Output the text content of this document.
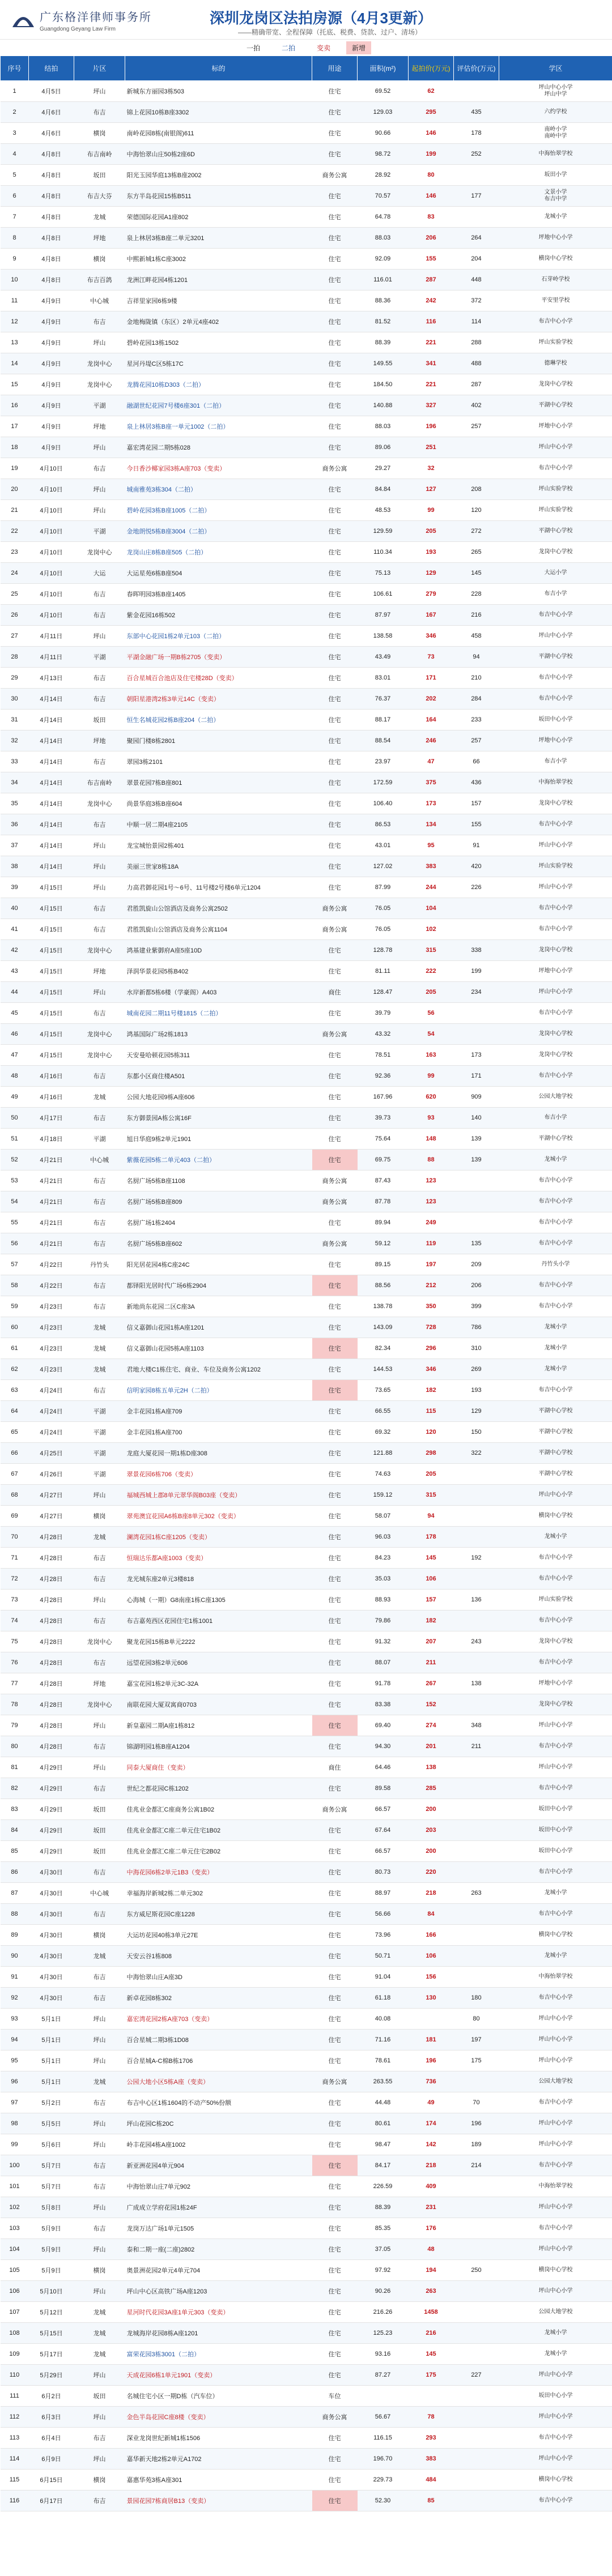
广东格洋律师事务所
Guangdong Geyang Law Firm
深圳龙岗区法拍房源（4月3更新）
——精确带宽、全程保障（托底、税费、贷款、过户、清场）
一拍	二拍	变卖	新增
序号	结拍	片区	标的	用途	面积(m²)	起拍价(万元)	评估价(万元)	学区
1	4月5日	坪山	新城东方丽园3栋503	住宅	69.52	62		坪山中心小学
坪山中学
2	4月6日	布吉	锦上花园10栋B座3302	住宅	129.03	295	435	六约学校
3	4月6日	横岗	南岭花园8栋(南银阁)611	住宅	90.66	146	178	南岭小学
南岭中学
4	4月8日	布吉南岭	中海怡翠山庄50栋2座6D	住宅	98.72	199	252	中海怡翠学校
5	4月8日	坂田	阳光玉园华庭13栋B座2002	商务公寓	28.92	80		坂田小学
6	4月8日	布吉大芬	东方半岛花园15栋B511	住宅	70.57	146	177	文景小学
布吉中学
7	4月8日	龙城	荣德国际花园A1座802	住宅	64.78	83		龙城小学
8	4月8日	坪地	泉上林居3栋B座二单元3201	住宅	88.03	206	264	坪地中心小学
9	4月8日	横岗	中熙新城1栋C座3002	住宅	92.09	155	204	横岗中心学校
10	4月8日	布吉百鸽	龙洲江畔花园4栋1201	住宅	116.01	287	448	石芽岭学校
11	4月9日	中心城	吉祥里家园6栋9楼	住宅	88.36	242	372	平安里学校
12	4月9日	布吉	金地梅陇镇（东区）2单元4座402	住宅	81.52	116	114	布吉中心小学
13	4月9日	坪山	碧岭花园13栋1502	住宅	88.39	221	288	坪山实验学校
14	4月9日	龙岗中心	星河丹堤C区5栋17C	住宅	149.55	341	488	德琳学校
15	4月9日	龙岗中心	龙腾花园10栋D303（二拍）	住宅	184.50	221	287	龙岗中心学校
16	4月9日	平湖	融湖世纪花园7号楼6座301（二拍）	住宅	140.88	327	402	平湖中心学校
17	4月9日	坪地	泉上林居3栋B座一单元1002（二拍）	住宅	88.03	196	257	坪地中心小学
18	4月9日	坪山	嘉宏湾花园二期5栋028	住宅	89.06	251		坪山中心小学
19	4月10日	布吉	今日香沙椰家园3栋A座703（变卖）	商务公寓	29.27	32		布吉中心小学
20	4月10日	坪山	城南雅苑3栋304（二拍）	住宅	84.84	127	208	坪山实验学校
21	4月10日	坪山	碧岭花园3栋B座1005（二拍）	住宅	48.53	99	120	坪山实验学校
22	4月10日	平湖	金地朗悦5栋B座3004（二拍）	住宅	129.59	205	272	平湖中心学校
23	4月10日	龙岗中心	龙岗山庄8栋B座505（二拍）	住宅	110.34	193	265	龙岗中心学校
24	4月10日	大运	大运星苑6栋B座504	住宅	75.13	129	145	大运小学
25	4月10日	布吉	春晖明园3栋B座1405	住宅	106.61	279	228	布吉小学
26	4月10日	布吉	紫金花园16栋502	住宅	87.97	167	216	布吉中心小学
27	4月11日	坪山	东部中心花园1栋2单元103（二拍）	住宅	138.58	346	458	坪山中心小学
28	4月11日	平湖	平湖金融广场一期B栋2705（变卖）	住宅	43.49	73	94	平湖中心学校
29	4月13日	布吉	百合星城百合池店及住宅楼28D（变卖）	住宅	83.01	171	210	布吉中心小学
30	4月14日	布吉	朝阳星港湾2栋3单元14C（变卖）	住宅	76.37	202	284	布吉中心小学
31	4月14日	坂田	恒生名城花园2栋B座204（二拍）	住宅	88.17	164	233	坂田中心小学
32	4月14日	坪地	聚园门楼8栋2801	住宅	88.54	246	257	坪地中心小学
33	4月14日	布吉	翠园3栋2101	住宅	23.97	47	66	布吉小学
34	4月14日	布吉南岭	翠景花园7栋B座801	住宅	172.59	375	436	中海怡翠学校
35	4月14日	龙岗中心	尚景华庭3栋B座604	住宅	106.40	173	157	龙岗中心学校
36	4月14日	布吉	中顺一居二期4座2105	住宅	86.53	134	155	布吉中心小学
37	4月14日	坪山	龙宝城怡景园2栋401	住宅	43.01	95	91	坪山中心小学
38	4月14日	坪山	美丽三世家8栋18A	住宅	127.02	383	420	坪山实验学校
39	4月15日	坪山	力高君御花园1号～6号、11号楼2号楼6单元1204	住宅	87.99	244	226	坪山中心小学
40	4月15日	布吉	君胜凯旋山公馆酒店及商务公寓2502	商务公寓	76.05	104		布吉中心小学
41	4月15日	布吉	君胜凯旋山公馆酒店及商务公寓1104	商务公寓	76.05	102		布吉中心小学
42	4月15日	龙岗中心	鸿基建业紫御府A座5座10D	住宅	128.78	315	338	龙岗中心学校
43	4月15日	坪地	泽润华景花园5栋B402	住宅	81.11	222	199	坪地中心小学
44	4月15日	坪山	水岸新都5栋6楼（学豪阁）A403	商住	128.47	205	234	坪山中心小学
45	4月15日	布吉	城南花园二期11号楼1815（二拍）	住宅	39.79	56		布吉中心小学
46	4月15日	龙岗中心	鸿基国际广场2栋1813	商务公寓	43.32	54		龙岗中心学校
47	4月15日	龙岗中心	天安曼哈顿花园5栋311	住宅	78.51	163	173	龙岗中心学校
48	4月16日	布吉	东都小区商住楼A501	住宅	92.36	99	171	布吉中心小学
49	4月16日	龙城	公园大地花园9栋A座606	住宅	167.96	620	909	公园大地学校
50	4月17日	布吉	东方御景园A栋公寓16F	住宅	39.73	93	140	布吉小学
51	4月18日	平湖	旭日华庭9栋2单元1901	住宅	75.64	148	139	平湖中心学校
52	4月21日	中心城	紫薇花园5栋二单元403（二拍）	住宅	69.75	88	139	龙城小学
53	4月21日	布吉	名厨广场5栋B座1108	商务公寓	87.43	123		布吉中心小学
54	4月21日	布吉	名厨广场5栋B座809	商务公寓	87.78	123		布吉中心小学
55	4月21日	布吉	名厨广场1栋2404	住宅	89.94	249		布吉中心小学
56	4月21日	布吉	名厨广场5栋B座602	商务公寓	59.12	119	135	布吉中心小学
57	4月22日	丹竹头	阳光居花园4栋C座24C	住宅	89.15	197	209	丹竹头小学
58	4月22日	布吉	都铎阳光居时代广场6栋2904	住宅	88.56	212	206	布吉中心小学
59	4月23日	布吉	新地尚东花园二区C座3A	住宅	138.78	350	399	布吉中心小学
60	4月23日	龙城	信义嘉御山花园1栋A座1201	住宅	143.09	728	786	龙城小学
61	4月23日	龙城	信义嘉御山花园5栋A座1103	住宅	82.34	296	310	龙城小学
62	4月23日	龙城	君地大楼C1栋住宅、商业、车位及商务公寓1202	住宅	144.53	346	269	龙城小学
63	4月24日	布吉	信明家园8栋五单元2H（二拍）	住宅	73.65	182	193	布吉中心小学
64	4月24日	平湖	金丰花园1栋A座709	住宅	66.55	115	129	平湖中心学校
65	4月24日	平湖	金丰花园1栋A座700	住宅	69.32	120	150	平湖中心学校
66	4月25日	平湖	龙庭大厦花园一期1栋D座308	住宅	121.88	298	322	平湖中心学校
67	4月26日	平湖	翠景花园6栋706（变卖）	住宅	74.63	205		平湖中心学校
68	4月27日	坪山	福城西城上郡8单元翠华阁B03座（变卖）	住宅	159.12	315		坪山中心小学
69	4月27日	横岗	翠苑澳宜花园A6栋B座8单元302（变卖）	住宅	58.07	94		横岗中心学校
70	4月28日	龙城	澜湾花园1栋C座1205（变卖）	住宅	96.03	178		龙城小学
71	4月28日	布吉	恒瑞达乐都A座1003（变卖）	住宅	84.23	145	192	布吉中心小学
72	4月28日	布吉	龙光城东座2单元3楼818	住宅	35.03	106		布吉中心小学
73	4月28日	坪山	心海城（一期）G8南座1栋C座1305	住宅	88.93	157	136	坪山实验学校
74	4月28日	布吉	布吉嘉苑西区花园住宅1栋1001	住宅	79.86	182		布吉中心小学
75	4月28日	龙岗中心	聚龙花园15栋B单元2222	住宅	91.32	207	243	龙岗中心学校
76	4月28日	布吉	远望花园3栋2单元606	住宅	88.07	211		布吉中心小学
77	4月28日	坪地	嘉宝花园1栋2单元3C-32A	住宅	91.78	267	138	坪地中心小学
78	4月28日	龙岗中心	南联花园大厦双寓商0703	住宅	83.38	152		龙岗中心学校
79	4月28日	坪山	新皇嘉园二期A座1栋812	住宅	69.40	274	348	坪山中心小学
80	4月28日	布吉	锦湖明园1栋B座A1204	住宅	94.30	201	211	布吉中心小学
81	4月29日	坪山	同泰大厦商住（变卖）	商住	64.46	138		坪山中心小学
82	4月29日	布吉	世纪之都花园C栋1202	住宅	89.58	285		布吉中心小学
83	4月29日	坂田	佳兆业金都汇C座商务公寓1B02	商务公寓	66.57	200		坂田中心小学
84	4月29日	坂田	佳兆业金都汇C座二单元住宅1B02	住宅	67.64	203		坂田中心小学
85	4月29日	坂田	佳兆业金都汇C座二单元住宅2B02	住宅	66.57	200		坂田中心小学
86	4月30日	布吉	中海花园6栋2单元1B3（变卖）	住宅	80.73	220		布吉中心小学
87	4月30日	中心城	幸福海岸新城2栋二单元302	住宅	88.97	218	263	龙城小学
88	4月30日	布吉	东方威尼斯花园C座1228	住宅	56.66	84		布吉中心小学
89	4月30日	横岗	大运坊花园40栋3单元27E	住宅	73.96	166		横岗中心学校
90	4月30日	龙城	天安云谷1栋808	住宅	50.71	106		龙城小学
91	4月30日	布吉	中海怡翠山庄A座3D	住宅	91.04	156		中海怡翠学校
92	4月30日	布吉	新卓花园8栋302	住宅	61.18	130	180	布吉中心小学
93	5月1日	坪山	嘉宏湾花园2栋A座703（变卖）	住宅	40.08		80	坪山中心小学
94	5月1日	坪山	百合星城二期3栋1D08	住宅	71.16	181	197	坪山中心小学
95	5月1日	坪山	百合星城A-C棉B栋1706	住宅	78.61	196	175	坪山中心小学
96	5月1日	龙城	公园大地小区5栋A座（变卖）	商务公寓	263.55	736		公园大地学校
97	5月2日	布吉	布吉中心区1栋1604的不动产50%份额	住宅	44.48	49	70	布吉中心小学
98	5月5日	坪山	坪山花园C栋20C	住宅	80.61	174	196	坪山中心小学
99	5月6日	坪山	岭丰花园4栋A座1002	住宅	98.47	142	189	坪山中心小学
100	5月7日	布吉	新亚洲花园4单元904	住宅	84.17	218	214	布吉中心小学
101	5月7日	布吉	中海怡翠山庄7单元902	住宅	226.59	409		中海怡翠学校
102	5月8日	坪山	广成成立学府花园1栋24F	住宅	88.39	231		坪山中心小学
103	5月9日	布吉	龙岗万达广场1单元1505	住宅	85.35	176		布吉中心小学
104	5月9日	坪山	泰和二期一座(二座)2802	住宅	37.05	48		坪山中心小学
105	5月9日	横岗	奥景洲花园2单元4单元704	住宅	97.92	194	250	横岗中心学校
106	5月10日	坪山	坪山中心区高铁广场A座1203	住宅	90.26	263		坪山中心小学
107	5月12日	龙城	星河时代花园3A座1单元303（变卖）	住宅	216.26	1458		公园大地学校
108	5月15日	龙城	龙城海岸花园8栋A座1201	住宅	125.23	216		龙城小学
109	5月17日	龙城	富荣花园3栋3001（二拍）	住宅	93.16	145		龙城小学
110	5月29日	坪山	天成花园6栋1单元1901（变卖）	住宅	87.27	175	227	坪山中心小学
111	6月2日	坂田	名城住宅小区一期D栋（汽车位）	车位				坂田中心小学
112	6月3日	坪山	金色半岛花园C座8楼（变卖）	商务公寓	56.67	78		坪山中心小学
113	6月4日	布吉	深业龙岗世纪新城1栋1506	住宅	116.15	293		布吉中心小学
114	6月9日	坪山	嘉华新天地2栋2单元A1702	住宅	196.70	383		坪山中心小学
115	6月15日	横岗	嘉惠华苑3栋A座301	住宅	229.73	484		横岗中心学校
116	6月17日	布吉	景园花园7栋商居B13（变卖）	住宅	52.30	85		布吉中心小学
